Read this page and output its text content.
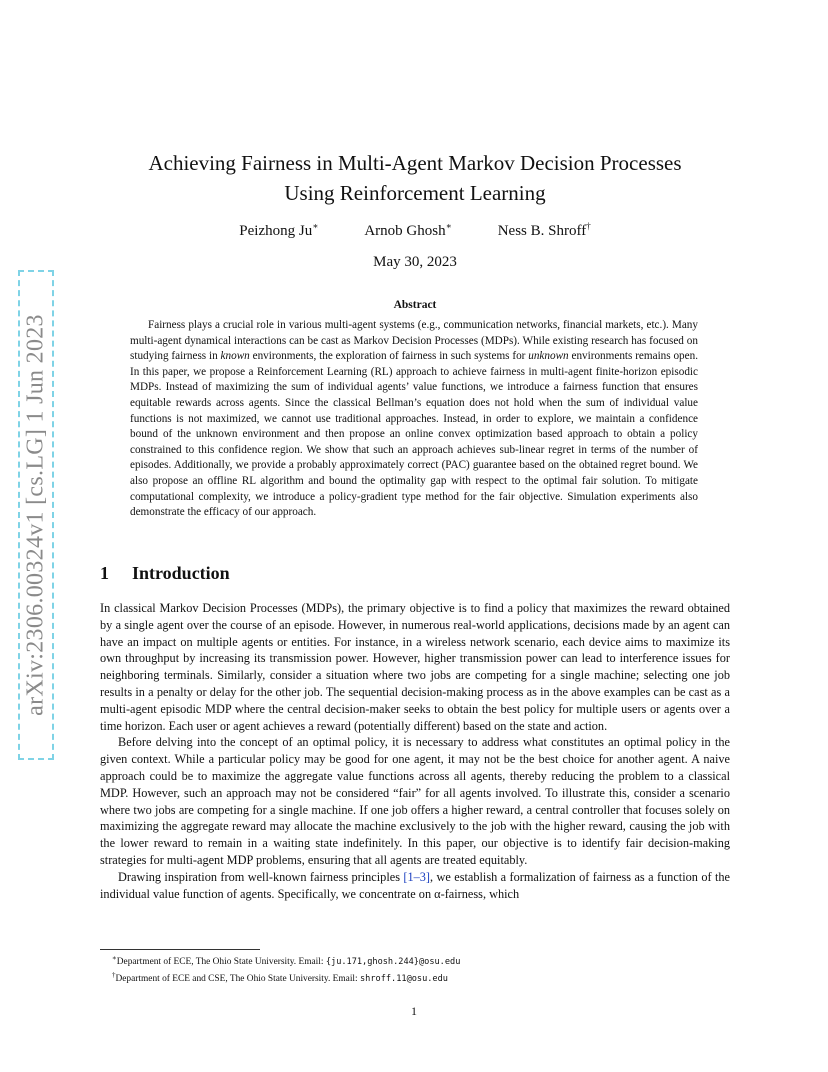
arXiv:2306.00324v1 [cs.LG] 1 Jun 2023
Achieving Fairness in Multi-Agent Markov Decision Processes
Using Reinforcement Learning
Peizhong Ju∗	Arnob Ghosh∗	Ness B. Shroff†
May 30, 2023
Abstract

Fairness plays a crucial role in various multi-agent systems (e.g., communication networks, financial markets, etc.). Many multi-agent dynamical interactions can be cast as Markov Decision Processes (MDPs). While existing research has focused on studying fairness in known environments, the exploration of fairness in such systems for unknown environments remains open. In this paper, we propose a Reinforcement Learning (RL) approach to achieve fairness in multi-agent finite-horizon episodic MDPs. Instead of maximizing the sum of individual agents’ value functions, we introduce a fairness function that ensures equitable rewards across agents. Since the classical Bellman’s equation does not hold when the sum of individual value functions is not maximized, we cannot use traditional approaches. Instead, in order to explore, we maintain a confidence bound of the unknown environment and then propose an online convex optimization based approach to obtain a policy constrained to this confidence region. We show that such an approach achieves sub-linear regret in terms of the number of episodes. Additionally, we provide a probably approximately correct (PAC) guarantee based on the obtained regret bound. We also propose an offline RL algorithm and bound the optimality gap with respect to the optimal fair solution. To mitigate computational complexity, we introduce a policy-gradient type method for the fair objective. Simulation experiments also demonstrate the efficacy of our approach.

1 Introduction

In classical Markov Decision Processes (MDPs), the primary objective is to find a policy that maximizes the reward obtained by a single agent over the course of an episode. However, in numerous real-world applications, decisions made by an agent can have an impact on multiple agents or entities. For instance, in a wireless network scenario, each device aims to maximize its own throughput by increasing its transmission power. However, higher transmission power can lead to interference issues for neighboring terminals. Similarly, consider a situation where two jobs are competing for a single machine; selecting one job results in a penalty or delay for the other job. The sequential decision-making process as in the above examples can be cast as a multi-agent episodic MDP where the central decision-maker seeks to obtain the best policy for multiple users or agents over a time horizon. Each user or agent achieves a reward (potentially different) based on the state and action.

Before delving into the concept of an optimal policy, it is necessary to address what constitutes an optimal policy in the given context. While a particular policy may be good for one agent, it may not be the best choice for another agent. A naive approach could be to maximize the aggregate value functions across all agents, thereby reducing the problem to a classical MDP. However, such an approach may not be considered “fair” for all agents involved. To illustrate this, consider a scenario where two jobs are competing for a single machine. If one job offers a higher reward, a central controller that focuses solely on maximizing the aggregate reward may allocate the machine exclusively to the job with the higher reward, causing the job with the lower reward to remain in a waiting state indefinitely. In this paper, our objective is to identify fair decision-making strategies for multi-agent MDP problems, ensuring that all agents are treated equitably.

Drawing inspiration from well-known fairness principles [1–3], we establish a formalization of fairness as a function of the individual value function of agents. Specifically, we concentrate on α-fairness, which

∗Department of ECE, The Ohio State University. Email: {ju.171,ghosh.244}@osu.edu
†Department of ECE and CSE, The Ohio State University. Email: shroff.11@osu.edu
1
